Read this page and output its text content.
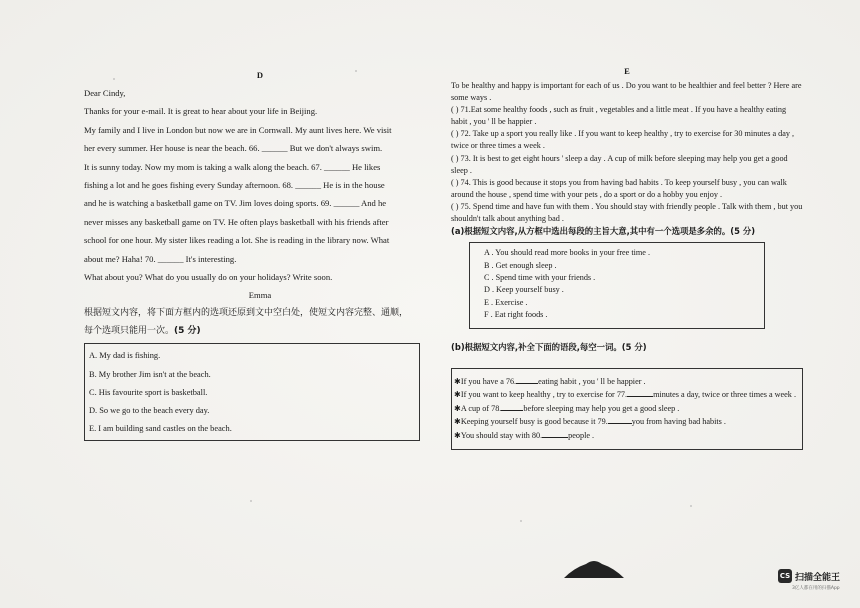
D

Dear Cindy,

Thanks for your e-mail. It is great to hear about your life in Beijing.

My family and I live in London but now we are in Cornwall. My aunt lives here. We visit

her every summer. Her house is near the beach. 66. ______ But we don't always swim.

It is sunny today. Now my mom is taking a walk along the beach. 67. ______ He likes

fishing a lot and he goes fishing every Sunday afternoon. 68. ______ He is in the house

and he is watching a basketball game on TV. Jim loves doing sports. 69. ______ And he

never misses any basketball game on TV. He often plays basketball with his friends after

school for one hour. My sister likes reading a lot. She is reading in the library now. What

about me? Haha! 70. ______ It's interesting.

What about you? What do you usually do on your holidays? Write soon.

Emma

根据短文内容，将下面方框内的选项还原到文中空白处，使短文内容完整、通顺，
每个选项只能用一次。(5 分)

A. My dad is fishing.
B. My brother Jim isn't at the beach.
C. His favourite sport is basketball.
D. So we go to the beach every day.
E. I am building sand castles on the beach.
E

To be healthy and happy is important for each of us . Do you want to be healthier and feel better ? Here are some ways .

( ) 71.Eat some healthy foods , such as fruit , vegetables and a little meat . If you have a healthy eating habit , you ' ll be happier .

( ) 72. Take up a sport you really like . If you want to keep healthy , try to exercise for 30 minutes a day , twice or three times a week .

( ) 73. It is best to get eight hours ' sleep a day . A cup of milk before sleeping may help you get a good sleep .

( ) 74. This is good because it stops you from having bad habits . To keep yourself busy , you can walk around the house , spend time with your pets , do a sport or do a hobby you enjoy .

( ) 75. Spend time and have fun with them . You should stay with friendly people . Talk with them , but you shouldn't talk about anything bad .

(a)根据短文内容,从方框中选出每段的主旨大意,其中有一个选项是多余的。(5 分)

A . You should read more books in your free time .
B . Get enough sleep .
C . Spend time with your friends .
D . Keep yourself busy .
E . Exercise .
F . Eat right foods .

(b)根据短文内容,补全下面的语段,每空一词。(5 分)

✱If you have a 76.	eating habit , you ' ll be happier .
✱If you want to keep healthy , try to exercise for 77.	minutes a day, twice or three times a week .
✱A cup of 78.	before sleeping may help you get a good sleep .
✱Keeping yourself busy is good because it 79.	you from having bad habits .
✱You should stay with 80.	people .
CS 扫描全能王
3亿人都在用的扫描App
